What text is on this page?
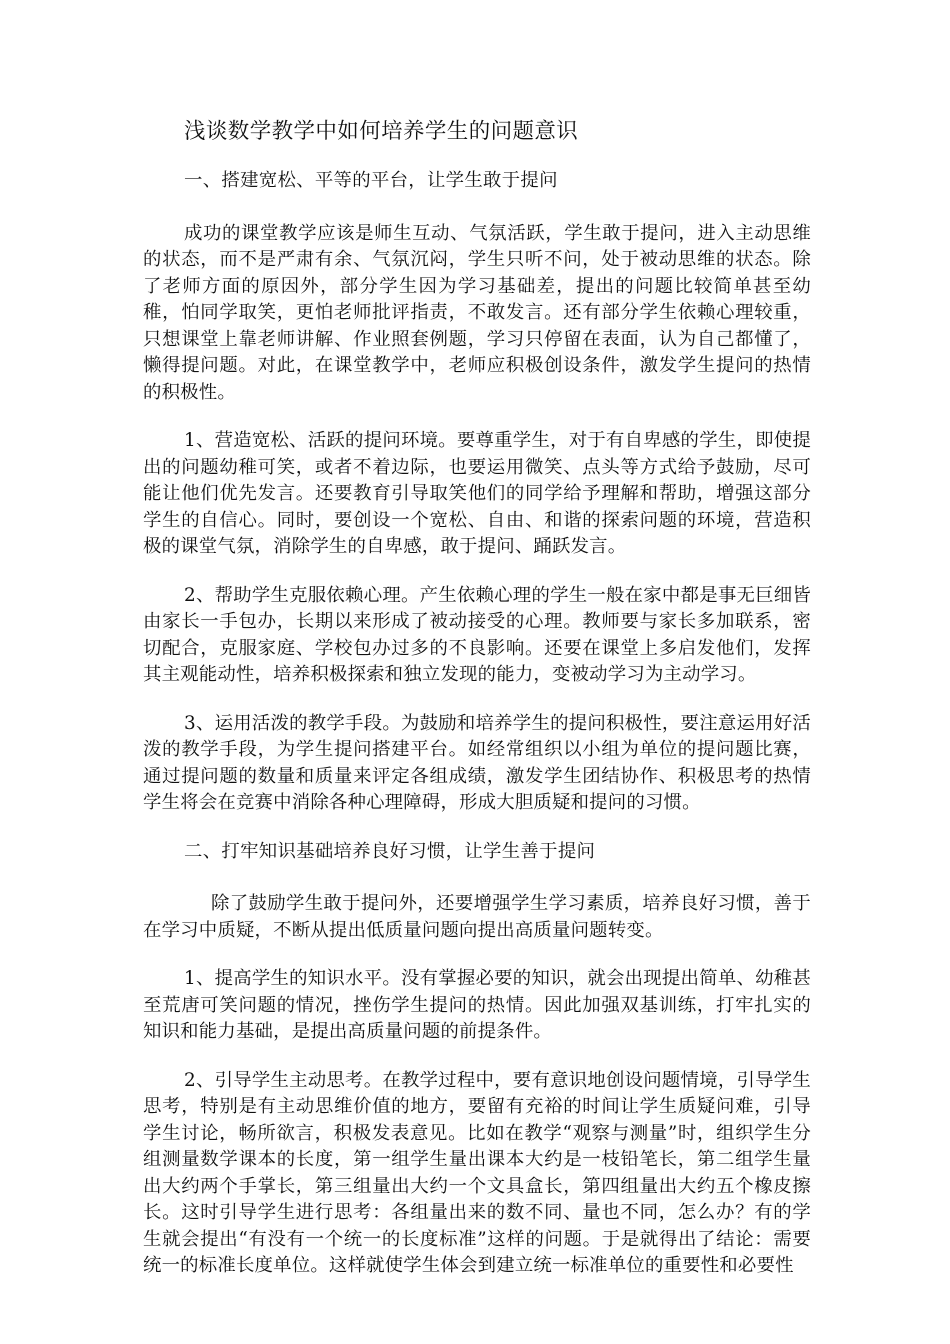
浅谈数学教学中如何培养学生的问题意识
一、搭建宽松、平等的平台，让学生敢于提问

成功的课堂教学应该是师生互动、气氛活跃，学生敢于提问，进入主动思维的状态，而不是严肃有余、气氛沉闷，学生只听不问，处于被动思维的状态。除了老师方面的原因外，部分学生因为学习基础差，提出的问题比较简单甚至幼稚，怕同学取笑，更怕老师批评指责，不敢发言。还有部分学生依赖心理较重，只想课堂上靠老师讲解、作业照套例题，学习只停留在表面，认为自己都懂了，懒得提问题。对此，在课堂教学中，老师应积极创设条件，激发学生提问的热情的积极性。

1、营造宽松、活跃的提问环境。要尊重学生，对于有自卑感的学生，即使提出的问题幼稚可笑，或者不着边际，也要运用微笑、点头等方式给予鼓励，尽可能让他们优先发言。还要教育引导取笑他们的同学给予理解和帮助，增强这部分学生的自信心。同时，要创设一个宽松、自由、和谐的探索问题的环境，营造积极的课堂气氛，消除学生的自卑感，敢于提问、踊跃发言。

2、帮助学生克服依赖心理。产生依赖心理的学生一般在家中都是事无巨细皆由家长一手包办，长期以来形成了被动接受的心理。教师要与家长多加联系，密切配合，克服家庭、学校包办过多的不良影响。还要在课堂上多启发他们，发挥其主观能动性，培养积极探索和独立发现的能力，变被动学习为主动学习。

3、运用活泼的教学手段。为鼓励和培养学生的提问积极性，要注意运用好活泼的教学手段，为学生提问搭建平台。如经常组织以小组为单位的提问题比赛，通过提问题的数量和质量来评定各组成绩，激发学生团结协作、积极思考的热情学生将会在竞赛中消除各种心理障碍，形成大胆质疑和提问的习惯。

二、打牢知识基础培养良好习惯，让学生善于提问

除了鼓励学生敢于提问外，还要增强学生学习素质，培养良好习惯，善于在学习中质疑，不断从提出低质量问题向提出高质量问题转变。

1、提高学生的知识水平。没有掌握必要的知识，就会出现提出简单、幼稚甚至荒唐可笑问题的情况，挫伤学生提问的热情。因此加强双基训练，打牢扎实的知识和能力基础，是提出高质量问题的前提条件。

2、引导学生主动思考。在教学过程中，要有意识地创设问题情境，引导学生思考，特别是有主动思维价值的地方，要留有充裕的时间让学生质疑问难，引导学生讨论，畅所欲言，积极发表意见。比如在教学“观察与测量”时，组织学生分组测量数学课本的长度，第一组学生量出课本大约是一枝铅笔长，第二组学生量出大约两个手掌长，第三组量出大约一个文具盒长，第四组量出大约五个橡皮擦长。这时引导学生进行思考：各组量出来的数不同、量也不同，怎么办？有的学生就会提出“有没有一个统一的长度标准”这样的问题。于是就得出了结论：需要统一的标准长度单位。这样就使学生体会到建立统一标准单位的重要性和必要性
